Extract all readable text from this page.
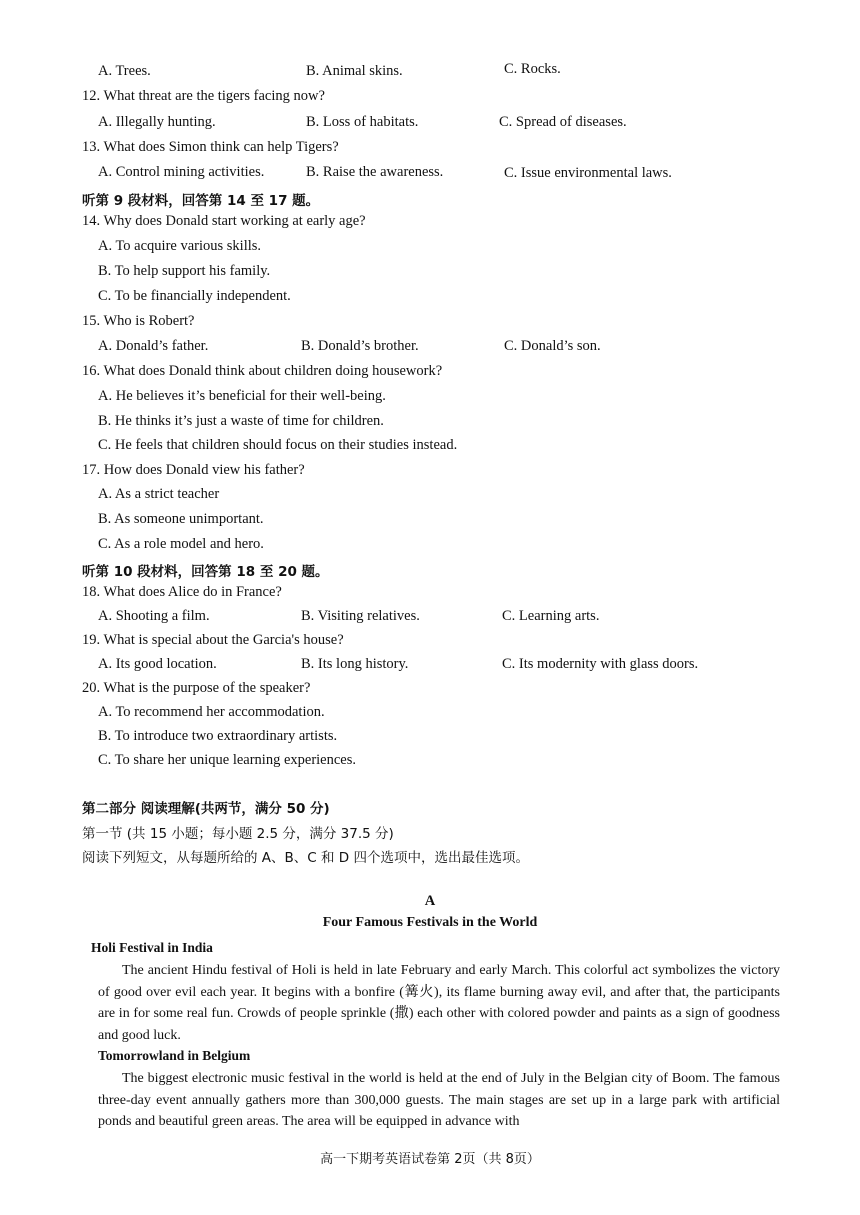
A. Trees.	B. Animal skins.	C. Rocks.
12. What threat are the tigers facing now?
A. Illegally hunting.	B. Loss of habitats.	C. Spread of diseases.
13. What does Simon think can help Tigers?
A. Control mining activities.	B. Raise the awareness.	C. Issue environmental laws.
听第 9 段材料，回答第 14 至 17 题。
14. Why does Donald start working at early age?
A. To acquire various skills.
B. To help support his family.
C. To be financially independent.
15. Who is Robert?
A. Donald’s father.	B. Donald’s brother.	C. Donald’s son.
16. What does Donald think about children doing housework?
A. He believes it’s beneficial for their well-being.
B. He thinks it’s just a waste of time for children.
C. He feels that children should focus on their studies instead.
17. How does Donald view his father?
A. As a strict teacher
B. As someone unimportant.
C. As a role model and hero.
听第 10 段材料，回答第 18 至 20 题。
18. What does Alice do in France?
A. Shooting a film.	B. Visiting relatives.	C. Learning arts.
19. What is special about the Garcia's house?
A. Its good location.	B. Its long history.	C. Its modernity with glass doors.
20. What is the purpose of the speaker?
A. To recommend her accommodation.
B. To introduce two extraordinary artists.
C. To share her unique learning experiences.
第二部分 阅读理解(共两节，满分 50 分)
第一节 (共 15 小题；每小题 2.5 分，满分 37.5 分)
阅读下列短文，从每题所给的 A、B、C 和 D 四个选项中，选出最佳选项。
A
Four Famous Festivals in the World
Holi Festival in India

The ancient Hindu festival of Holi is held in late February and early March. This colorful act symbolizes the victory of good over evil each year. It begins with a bonfire (篝火), its flame burning away evil, and after that, the participants are in for some real fun. Crowds of people sprinkle (撒) each other with colored powder and paints as a sign of goodness and good luck.

Tomorrowland in Belgium

The biggest electronic music festival in the world is held at the end of July in the Belgian city of Boom. The famous three-day event annually gathers more than 300,000 guests. The main stages are set up in a large park with artificial ponds and beautiful green areas. The area will be equipped in advance with

高一下期考英语试卷第 2页（共 8页）
